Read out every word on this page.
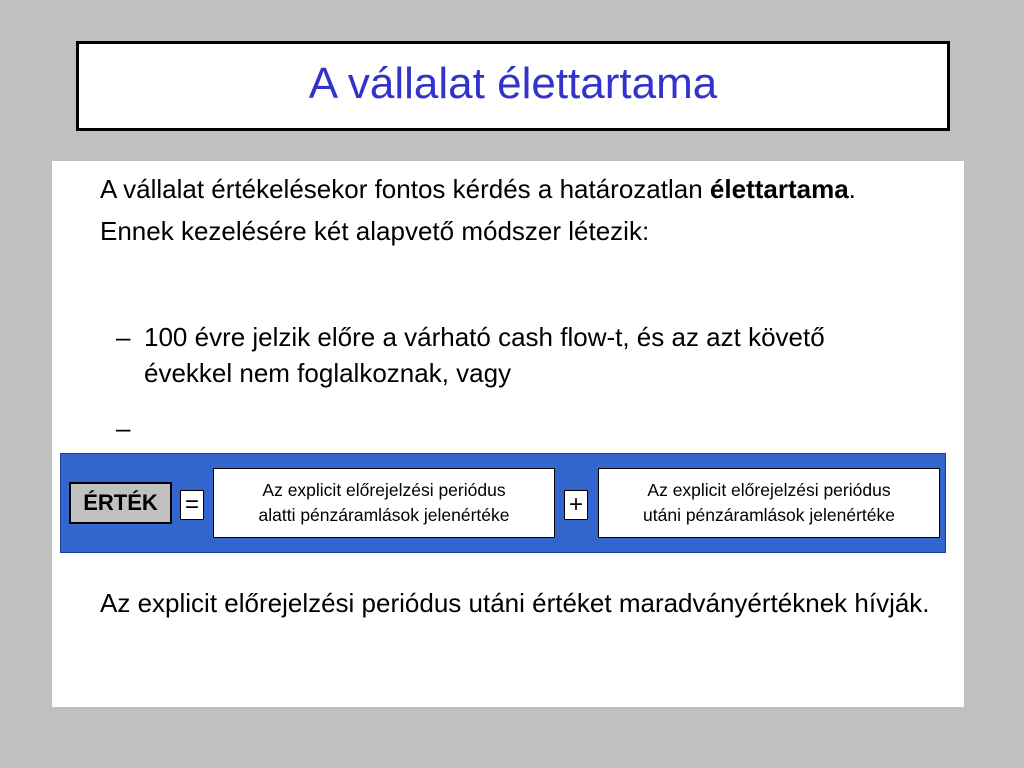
A vállalat élettartama
A vállalat értékelésekor fontos kérdés a határozatlan élettartama. Ennek kezelésére két alapvető módszer létezik:
– 100 évre jelzik előre a várható cash flow-t, és az azt követő évekkel nem foglalkoznak, vagy

–

Az explicit előrejelzési periódus utáni értéket maradványértéknek hívják.
ÉRTÉK	=
Az explicit előrejelzési periódus
alatti pénzáramlások jelenértéke	+
Az explicit előrejelzési periódus
utáni pénzáramlások jelenértéke
